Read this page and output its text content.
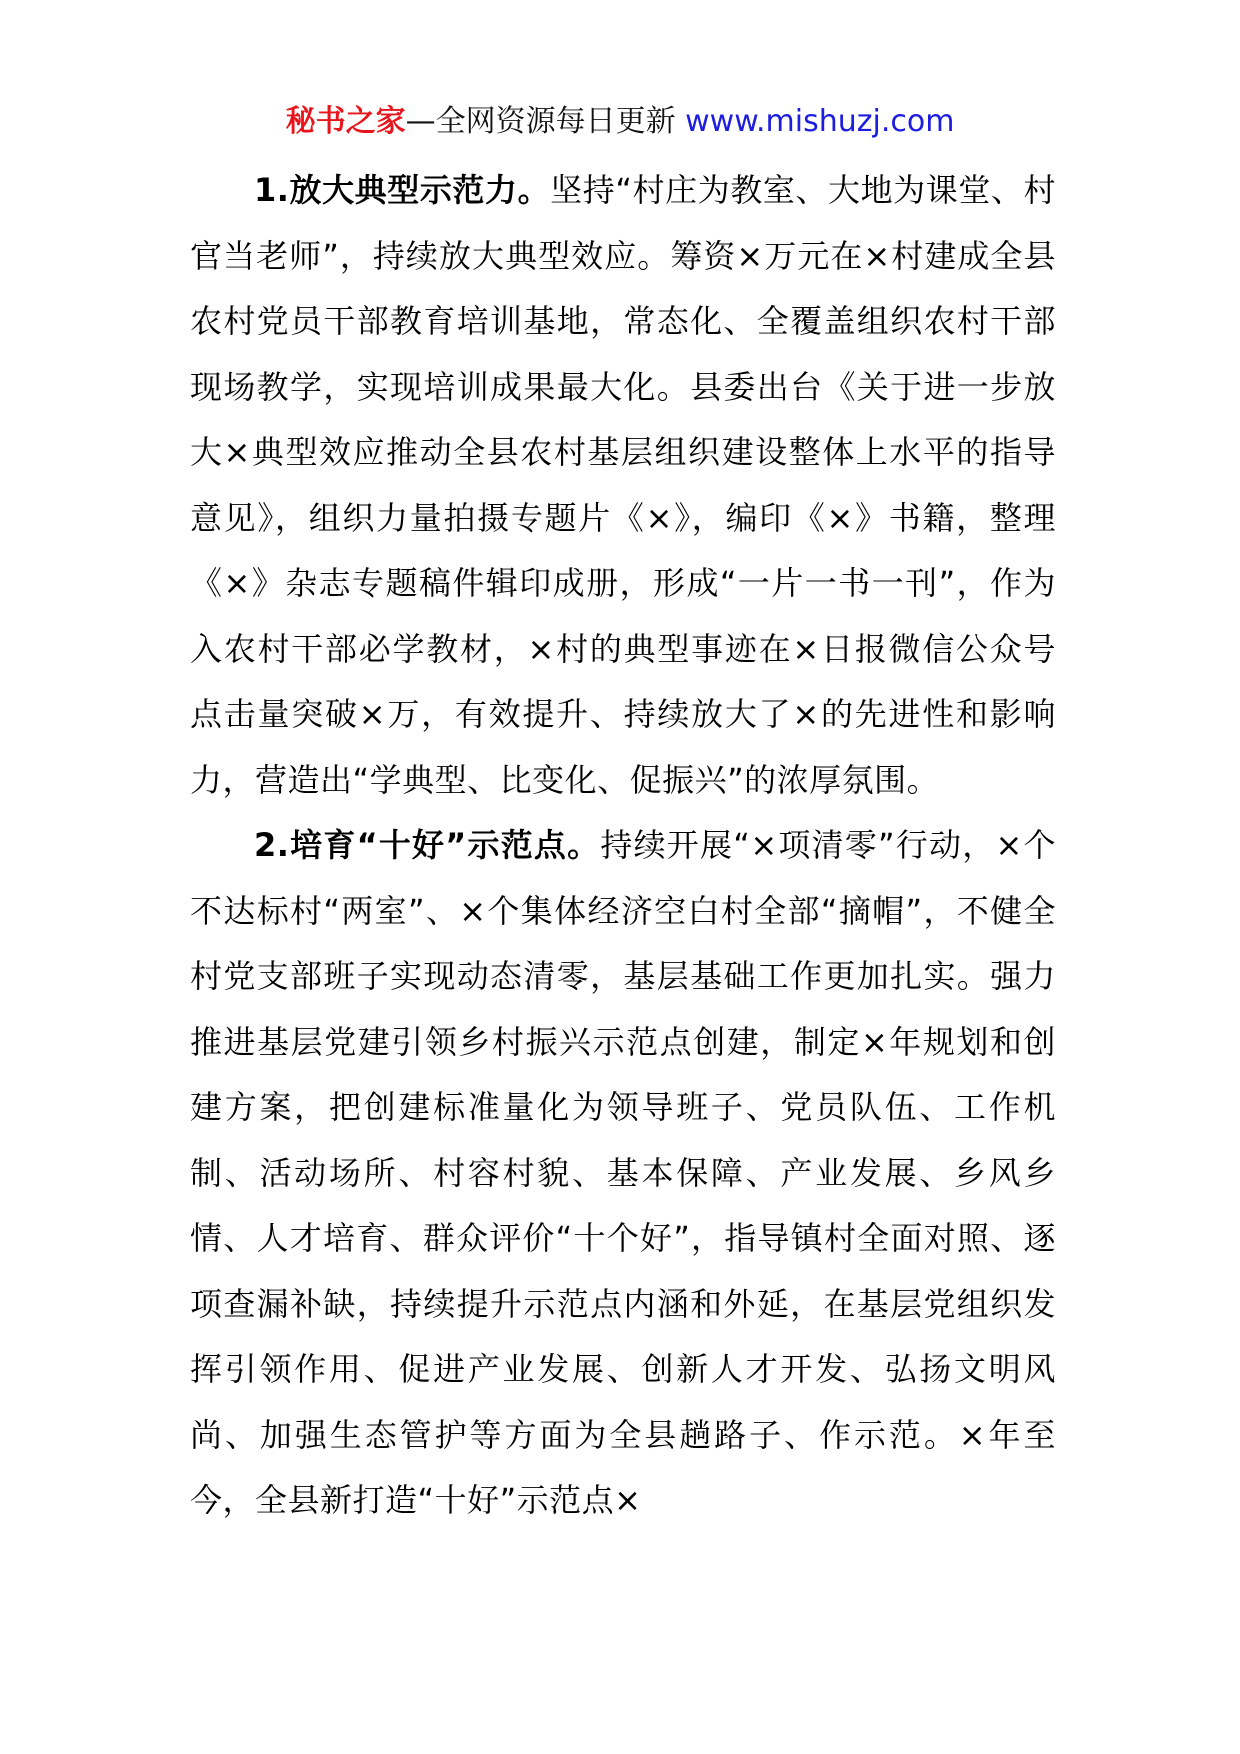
秘书之家—全网资源每日更新 www.mishuzj.com

1.放大典型示范力。坚持“村庄为教室、大地为课堂、村官当老师”，持续放大典型效应。筹资×万元在×村建成全县农村党员干部教育培训基地，常态化、全覆盖组织农村干部现场教学，实现培训成果最大化。县委出台《关于进一步放大×典型效应推动全县农村基层组织建设整体上水平的指导意见》，组织力量拍摄专题片《×》，编印《×》书籍，整理《×》杂志专题稿件辑印成册，形成“一片一书一刊”，作为入农村干部必学教材，×村的典型事迹在×日报微信公众号点击量突破×万，有效提升、持续放大了×的先进性和影响力，营造出“学典型、比变化、促振兴”的浓厚氛围。

2.培育“十好”示范点。持续开展“×项清零”行动，×个不达标村“两室”、×个集体经济空白村全部“摘帽”，不健全村党支部班子实现动态清零，基层基础工作更加扎实。强力推进基层党建引领乡村振兴示范点创建，制定×年规划和创建方案，把创建标准量化为领导班子、党员队伍、工作机制、活动场所、村容村貌、基本保障、产业发展、乡风乡情、人才培育、群众评价“十个好”，指导镇村全面对照、逐项查漏补缺，持续提升示范点内涵和外延，在基层党组织发挥引领作用、促进产业发展、创新人才开发、弘扬文明风尚、加强生态管护等方面为全县趟路子、作示范。×年至今，全县新打造“十好”示范点×
